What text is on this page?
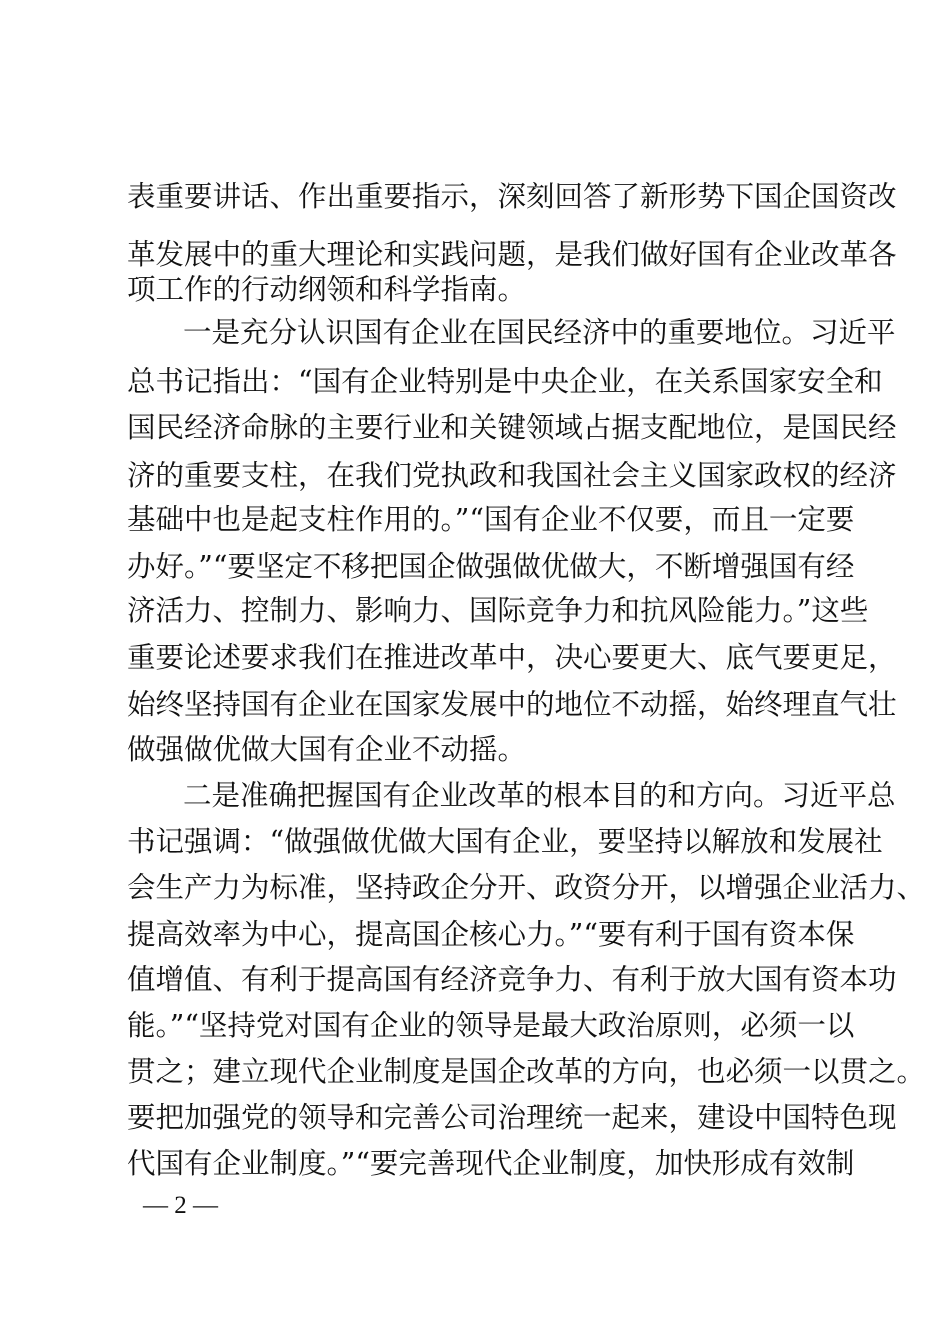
表重要讲话、作出重要指示，深刻回答了新形势下国企国资改
革发展中的重大理论和实践问题，是我们做好国有企业改革各
项工作的行动纲领和科学指南。
一是充分认识国有企业在国民经济中的重要地位。习近平
总书记指出：“国有企业特别是中央企业，在关系国家安全和
国民经济命脉的主要行业和关键领域占据支配地位，是国民经
济的重要支柱，在我们党执政和我国社会主义国家政权的经济
基础中也是起支柱作用的。”“国有企业不仅要，而且一定要
办好。”“要坚定不移把国企做强做优做大，不断增强国有经
济活力、控制力、影响力、国际竞争力和抗风险能力。”这些
重要论述要求我们在推进改革中，决心要更大、底气要更足，
始终坚持国有企业在国家发展中的地位不动摇，始终理直气壮
做强做优做大国有企业不动摇。
二是准确把握国有企业改革的根本目的和方向。习近平总
书记强调：“做强做优做大国有企业，要坚持以解放和发展社
会生产力为标准，坚持政企分开、政资分开，以增强企业活力、
提高效率为中心，提高国企核心力。”“要有利于国有资本保
值增值、有利于提高国有经济竞争力、有利于放大国有资本功
能。”“坚持党对国有企业的领导是最大政治原则，必须一以
贯之；建立现代企业制度是国企改革的方向，也必须一以贯之。
要把加强党的领导和完善公司治理统一起来，建设中国特色现
代国有企业制度。”“要完善现代企业制度，加快形成有效制
— 2 —
